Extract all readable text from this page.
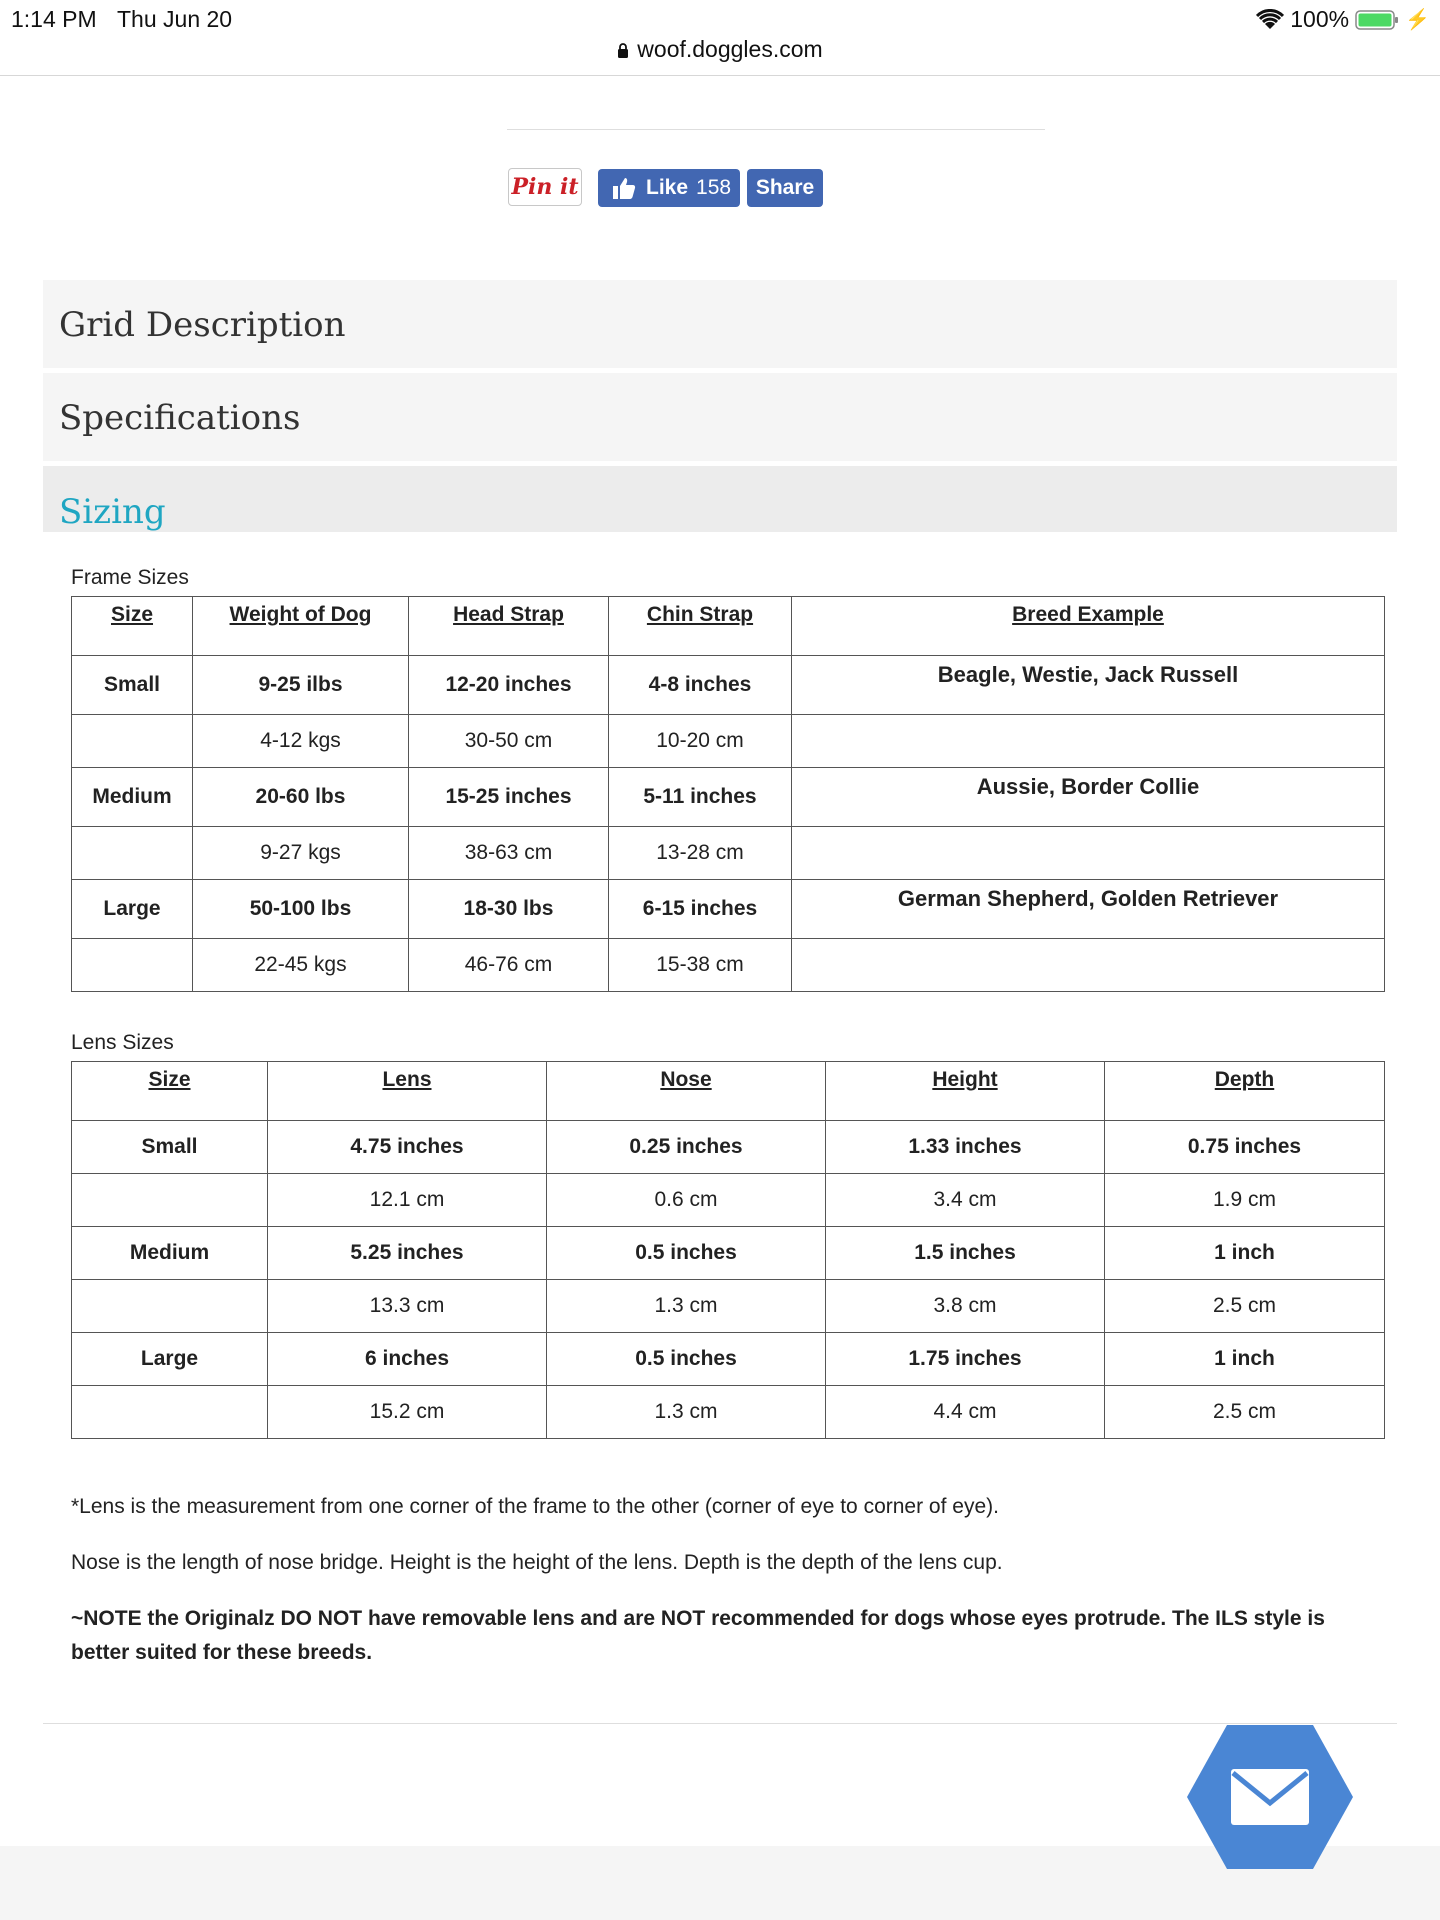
1:14 PM Thu Jun 20	100%	⚡
woof.doggles.com
Pin it	Like 158	Share
Grid Description
Specifications
Sizing
Frame Sizes
Size	Weight of Dog	Head Strap	Chin Strap	Breed Example
Small	9-25 ilbs	12-20 inches	4-8 inches	Beagle, Westie, Jack Russell
	4-12 kgs	30-50 cm	10-20 cm	
Medium	20-60 lbs	15-25 inches	5-11 inches	Aussie, Border Collie
	9-27 kgs	38-63 cm	13-28 cm	
Large	50-100 lbs	18-30 lbs	6-15 inches	German Shepherd, Golden Retriever
	22-45 kgs	46-76 cm	15-38 cm	
Lens Sizes
Size	Lens	Nose	Height	Depth
Small	4.75 inches	0.25 inches	1.33 inches	0.75 inches
	12.1 cm	0.6 cm	3.4 cm	1.9 cm
Medium	5.25 inches	0.5 inches	1.5 inches	1 inch
	13.3 cm	1.3 cm	3.8 cm	2.5 cm
Large	6 inches	0.5 inches	1.75 inches	1 inch
	15.2 cm	1.3 cm	4.4 cm	2.5 cm

*Lens is the measurement from one corner of the frame to the other (corner of eye to corner of eye).

Nose is the length of nose bridge. Height is the height of the lens. Depth is the depth of the lens cup.

~NOTE the Originalz DO NOT have removable lens and are NOT recommended for dogs whose eyes protrude. The ILS style is better suited for these breeds.
